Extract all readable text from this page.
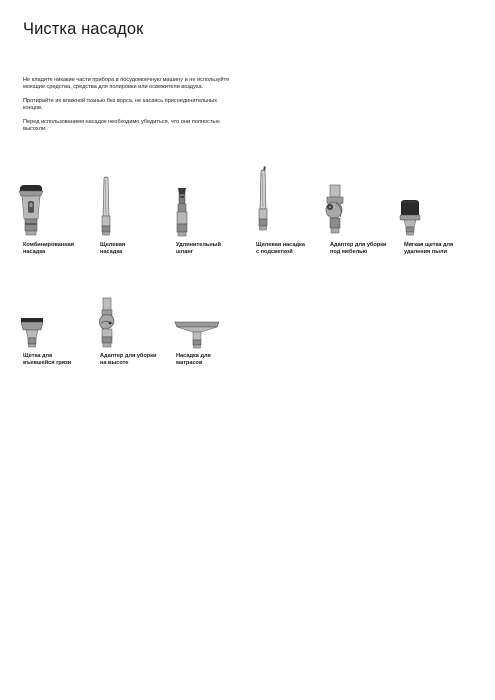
Чистка насадок

Не кладите никакие части прибора в посудомоечную машину и не используйте моющие средства, средства для полировки или освежители воздуха.

Протирайте их влажной тканью без ворса, не касаясь присоединительных концов.

Перед использованием насадок необходимо убедиться, что они полностью высохли.

Комбинированная
насадка
Щелевая
насадка
Удлинительный
шланг
Щелевая насадка
с подсветкой
Адаптер для уборки
под мебелью
Мягкая щетка для
удаления пыли
Щетка для
въевшейся грязи
Адаптер для уборки
на высоте
Насадка для
матрасов
